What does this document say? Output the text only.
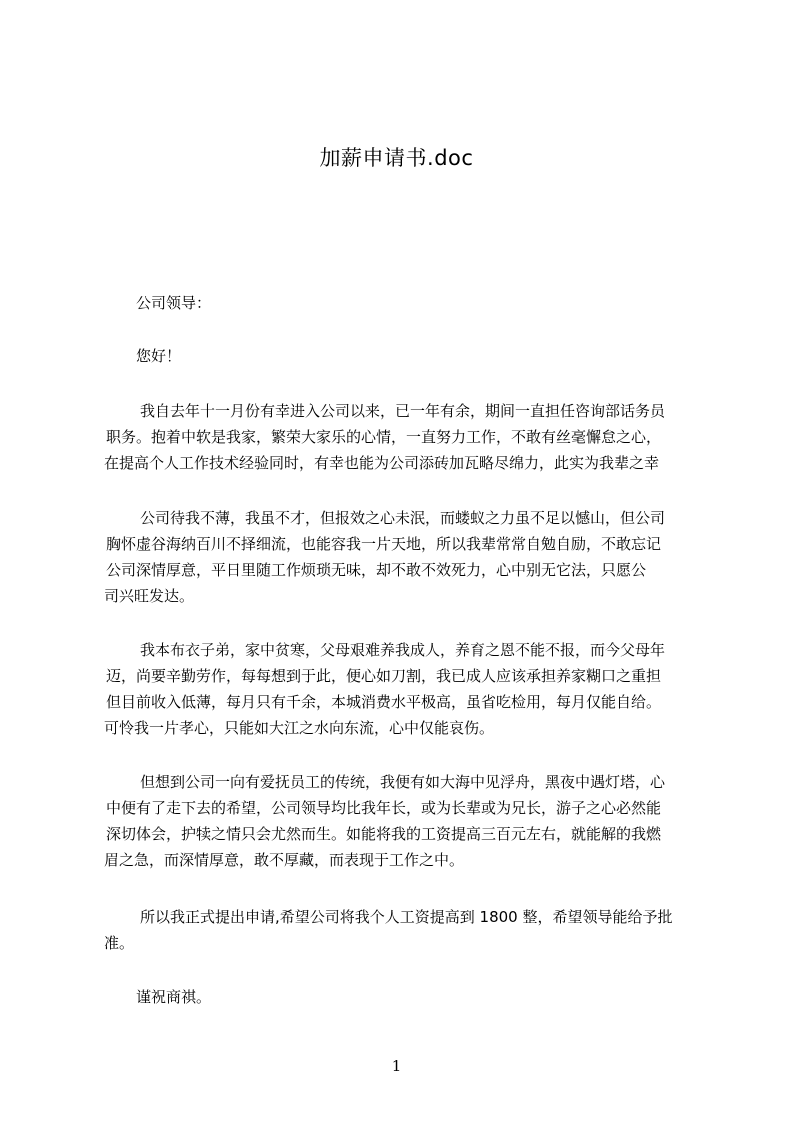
加薪申请书.doc
公司领导：
您好！
我自去年十一月份有幸进入公司以来，已一年有余，期间一直担任咨询部话务员
职务。抱着中软是我家，繁荣大家乐的心情，一直努力工作，不敢有丝毫懈怠之心，
在提高个人工作技术经验同时，有幸也能为公司添砖加瓦略尽绵力，此实为我辈之幸
公司待我不薄，我虽不才，但报效之心未泯，而蝼蚁之力虽不足以憾山，但公司
胸怀虚谷海纳百川不择细流，也能容我一片天地，所以我辈常常自勉自励，不敢忘记
公司深情厚意，平日里随工作烦琐无味，却不敢不效死力，心中别无它法，只愿公
司兴旺发达。
我本布衣子弟，家中贫寒，父母艰难养我成人，养育之恩不能不报，而今父母年
迈，尚要辛勤劳作，每每想到于此，便心如刀割，我已成人应该承担养家糊口之重担
但目前收入低薄，每月只有千余，本城消费水平极高，虽省吃检用，每月仅能自给。
可怜我一片孝心，只能如大江之水向东流，心中仅能哀伤。
但想到公司一向有爱抚员工的传统，我便有如大海中见浮舟，黑夜中遇灯塔，心
中便有了走下去的希望，公司领导均比我年长，或为长辈或为兄长，游子之心必然能
深切体会，护犊之情只会尤然而生。如能将我的工资提高三百元左右，就能解的我燃
眉之急，而深情厚意，敢不厚藏，而表现于工作之中。
所以我正式提出申请,希望公司将我个人工资提高到 1800 整，希望领导能给予批
准。
谨祝商祺。
1
